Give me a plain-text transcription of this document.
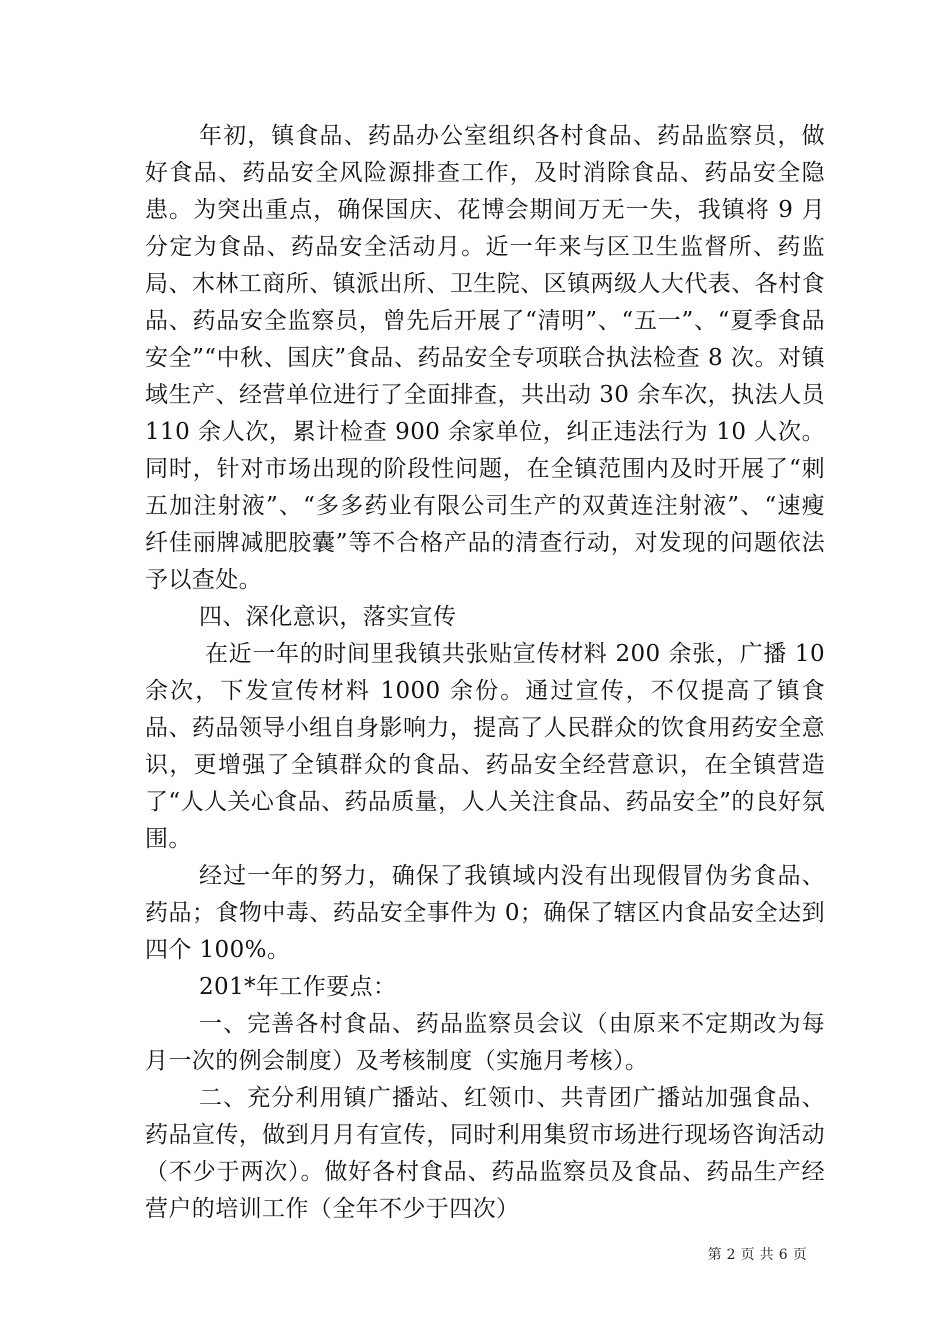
年初，镇食品、药品办公室组织各村食品、药品监察员，做好食品、药品安全风险源排查工作，及时消除食品、药品安全隐患。为突出重点，确保国庆、花博会期间万无一失，我镇将 9 月分定为食品、药品安全活动月。近一年来与区卫生监督所、药监局、木林工商所、镇派出所、卫生院、区镇两级人大代表、各村食品、药品安全监察员，曾先后开展了“清明”、“五一”、“夏季食品安全”“中秋、国庆”食品、药品安全专项联合执法检查 8 次。对镇域生产、经营单位进行了全面排查，共出动 30 余车次，执法人员 110 余人次，累计检查 900 余家单位，纠正违法行为 10 人次。同时，针对市场出现的阶段性问题，在全镇范围内及时开展了“刺五加注射液”、“多多药业有限公司生产的双黄连注射液”、“速瘦纤佳丽牌减肥胶囊”等不合格产品的清查行动，对发现的问题依法予以查处。

四、深化意识，落实宣传

在近一年的时间里我镇共张贴宣传材料 200 余张，广播 10 余次，下发宣传材料 1000 余份。通过宣传，不仅提高了镇食品、药品领导小组自身影响力，提高了人民群众的饮食用药安全意识，更增强了全镇群众的食品、药品安全经营意识，在全镇营造了“人人关心食品、药品质量，人人关注食品、药品安全”的良好氛围。

经过一年的努力，确保了我镇域内没有出现假冒伪劣食品、药品；食物中毒、药品安全事件为 0；确保了辖区内食品安全达到四个 100%。

201*年工作要点：

一、完善各村食品、药品监察员会议（由原来不定期改为每月一次的例会制度）及考核制度（实施月考核）。

二、充分利用镇广播站、红领巾、共青团广播站加强食品、药品宣传，做到月月有宣传，同时利用集贸市场进行现场咨询活动（不少于两次）。做好各村食品、药品监察员及食品、药品生产经营户的培训工作（全年不少于四次）

第 2 页 共 6 页
